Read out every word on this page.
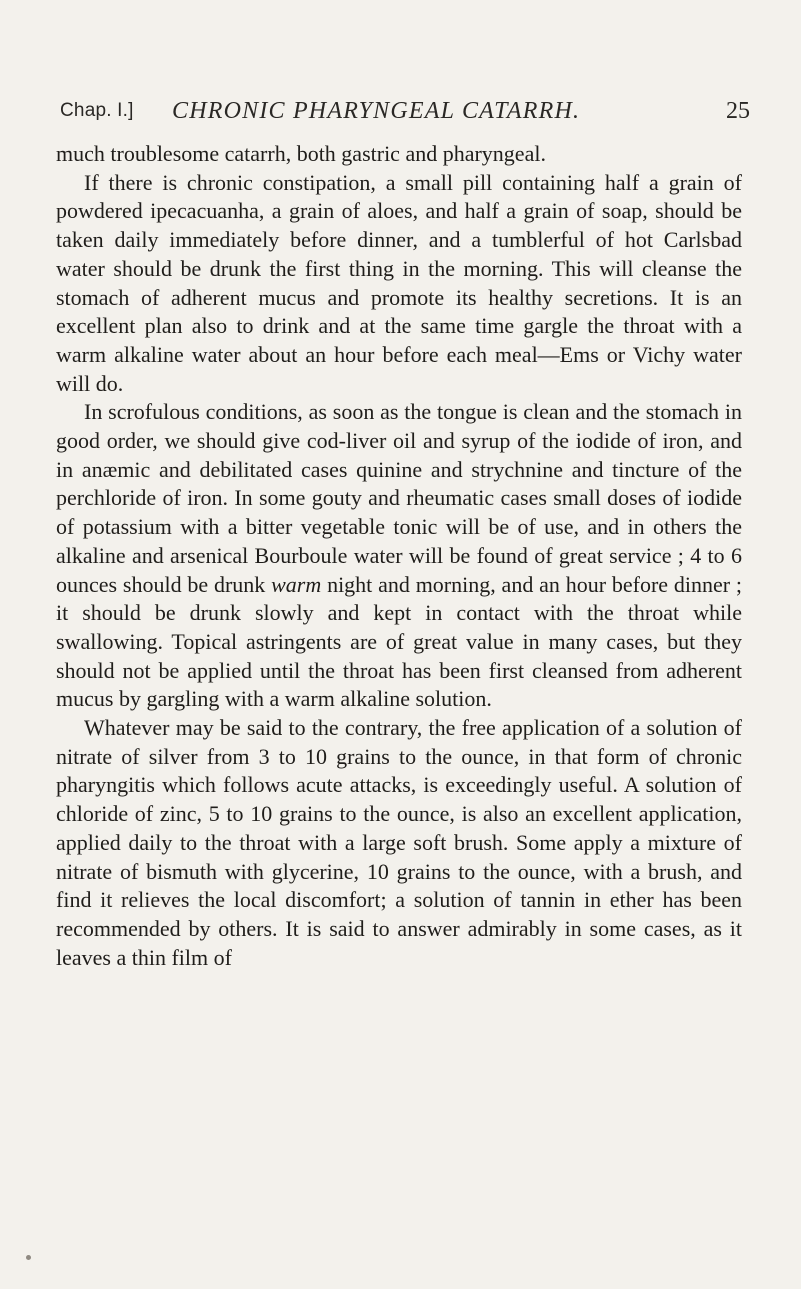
Chap. I.] CHRONIC PHARYNGEAL CATARRH.	25

much troublesome catarrh, both gastric and pharyngeal.

If there is chronic constipation, a small pill containing half a grain of powdered ipecacuanha, a grain of aloes, and half a grain of soap, should be taken daily immediately before dinner, and a tumblerful of hot Carlsbad water should be drunk the first thing in the morning. This will cleanse the stomach of adherent mucus and promote its healthy secretions. It is an excellent plan also to drink and at the same time gargle the throat with a warm alkaline water about an hour before each meal—Ems or Vichy water will do.

In scrofulous conditions, as soon as the tongue is clean and the stomach in good order, we should give cod-liver oil and syrup of the iodide of iron, and in anæmic and debilitated cases quinine and strychnine and tincture of the perchloride of iron. In some gouty and rheumatic cases small doses of iodide of potassium with a bitter vegetable tonic will be of use, and in others the alkaline and arsenical Bourboule water will be found of great service ; 4 to 6 ounces should be drunk warm night and morning, and an hour before dinner ; it should be drunk slowly and kept in contact with the throat while swallowing. Topical astringents are of great value in many cases, but they should not be applied until the throat has been first cleansed from adherent mucus by gargling with a warm alkaline solution.

Whatever may be said to the contrary, the free application of a solution of nitrate of silver from 3 to 10 grains to the ounce, in that form of chronic pharyngitis which follows acute attacks, is exceedingly useful. A solution of chloride of zinc, 5 to 10 grains to the ounce, is also an excellent application, applied daily to the throat with a large soft brush. Some apply a mixture of nitrate of bismuth with glycerine, 10 grains to the ounce, with a brush, and find it relieves the local discomfort; a solution of tannin in ether has been recommended by others. It is said to answer admirably in some cases, as it leaves a thin film of
